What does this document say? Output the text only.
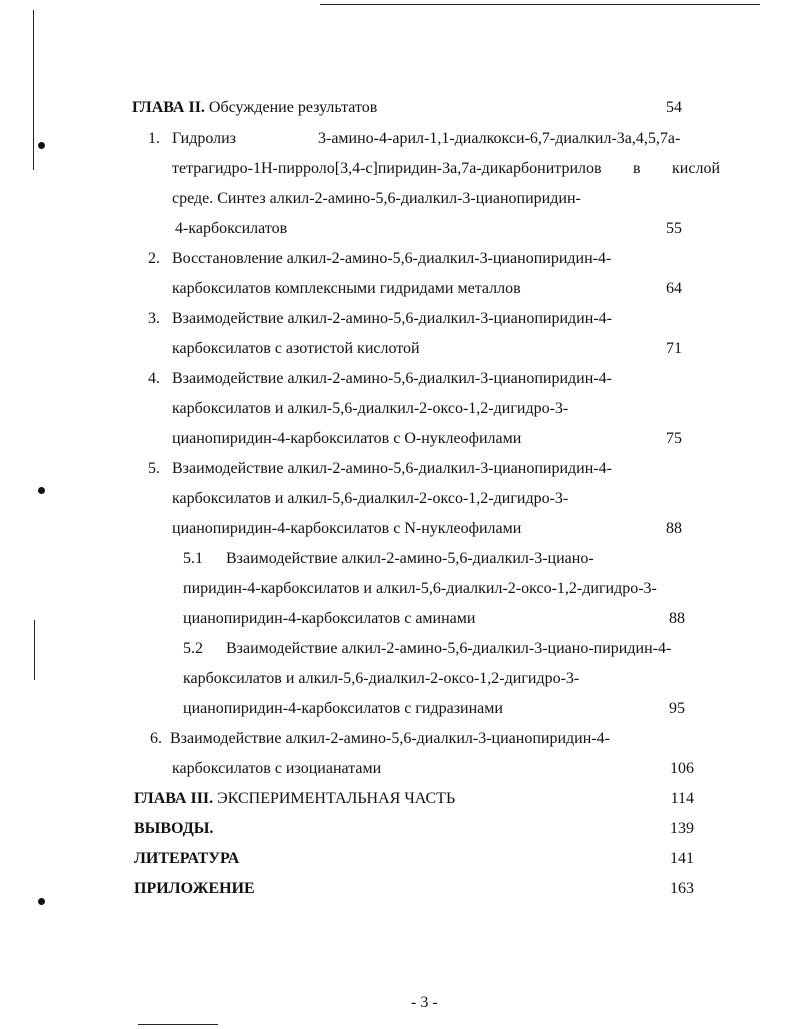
ГЛАВА II. Обсуждение результатов	54
1. Гидролиз	3-амино-4-арил-1,1-диалкокси-6,7-диалкил-3а,4,5,7а-
тетрагидро-1H-пирроло[3,4-с]пиридин-3а,7а-дикарбонитрилов в кислой
среде. Синтез алкил-2-амино-5,6-диалкил-3-цианопиридин-
4-карбоксилатов	55
2. Восстановление алкил-2-амино-5,6-диалкил-3-цианопиридин-4-
карбоксилатов комплексными гидридами металлов	64
3. Взаимодействие алкил-2-амино-5,6-диалкил-3-цианопиридин-4-
карбоксилатов с азотистой кислотой	71
4. Взаимодействие алкил-2-амино-5,6-диалкил-3-цианопиридин-4-
карбоксилатов и алкил-5,6-диалкил-2-оксо-1,2-дигидро-3-
цианопиридин-4-карбоксилатов с O-нуклеофилами	75
5. Взаимодействие алкил-2-амино-5,6-диалкил-3-цианопиридин-4-
карбоксилатов и алкил-5,6-диалкил-2-оксо-1,2-дигидро-3-
цианопиридин-4-карбоксилатов с N-нуклеофилами	88
5.1 Взаимодействие алкил-2-амино-5,6-диалкил-3-циано-
пиридин-4-карбоксилатов и алкил-5,6-диалкил-2-оксо-1,2-дигидро-3-
цианопиридин-4-карбоксилатов с аминами	88
5.2 Взаимодействие алкил-2-амино-5,6-диалкил-3-циано-пиридин-4-
карбоксилатов и алкил-5,6-диалкил-2-оксо-1,2-дигидро-3-
цианопиридин-4-карбоксилатов с гидразинами	95
6. Взаимодействие алкил-2-амино-5,6-диалкил-3-цианопиридин-4-
карбоксилатов с изоцианатами	106
ГЛАВА III. ЭКСПЕРИМЕНТАЛЬНАЯ ЧАСТЬ	114
ВЫВОДЫ.	139
ЛИТЕРАТУРА	141
ПРИЛОЖЕНИЕ	163
- 3 -
